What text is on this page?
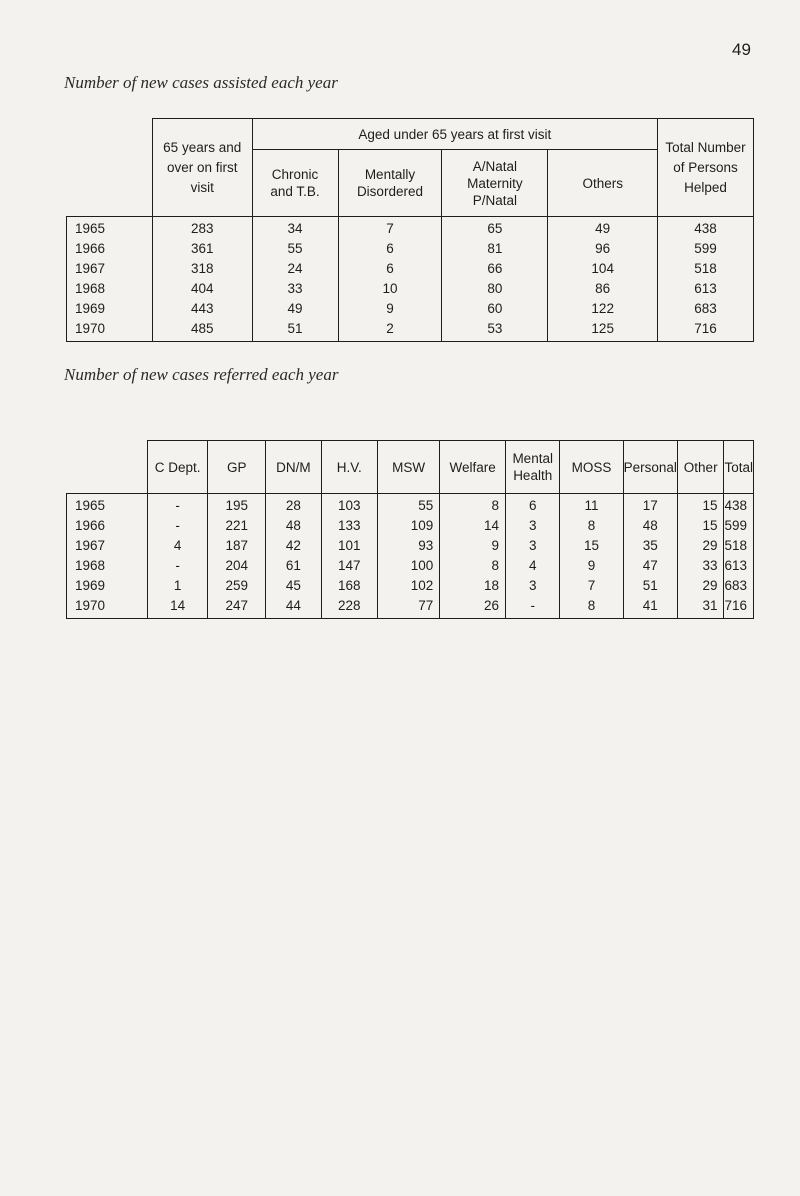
49
Number of new cases assisted each year
	65 years and over on first visit	Aged under 65 years at first visit				Total Number of Persons Helped
		Chronic and T.B.	Mentally Disordered	A/Natal Maternity P/Natal	Others	
1965	283	34	7	65	49	438
1966	361	55	6	81	96	599
1967	318	24	6	66	104	518
1968	404	33	10	80	86	613
1969	443	49	9	60	122	683
1970	485	51	2	53	125	716
Number of new cases referred each year
	C Dept.	GP	DN/M	H.V.	MSW	Welfare	Mental Health	MOSS	Personal	Other	Total
1965	-	195	28	103	55	8	6	11	17	15	438
1966	-	221	48	133	109	14	3	8	48	15	599
1967	4	187	42	101	93	9	3	15	35	29	518
1968	-	204	61	147	100	8	4	9	47	33	613
1969	1	259	45	168	102	18	3	7	51	29	683
1970	14	247	44	228	77	26	-	8	41	31	716
